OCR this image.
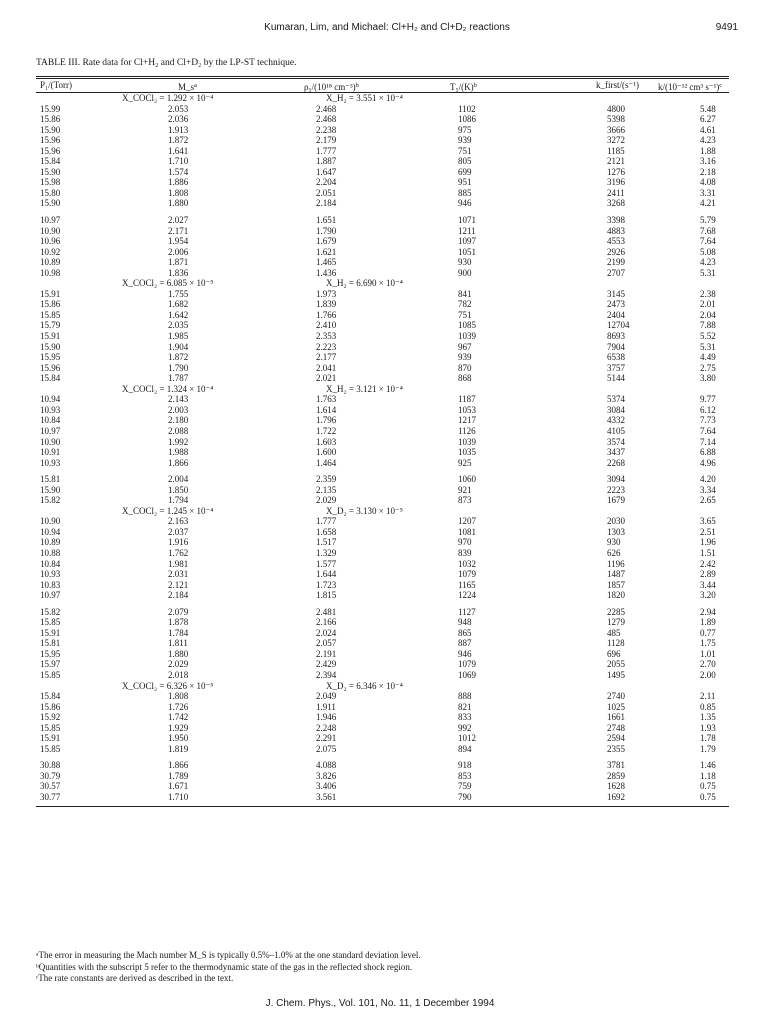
Kumaran, Lim, and Michael: Cl+H₂ and Cl+D₂ reactions	9491
TABLE III. Rate data for Cl+H₂ and Cl+D₂ by the LP-ST technique.
P₁/(Torr)	$M\_s^a$	ρ₅/(10¹⁸ cm⁻³)$^b$	$T_5/(K)^b$	k_first/(s⁻¹)	k/(10⁻¹² cm³ s⁻¹)$^c$
X_COCl₂ = 1.292 × 10⁻⁴	X_H₂ = 3.551 × 10⁻⁴
15.99	2.053	2.468	1102	4800	5.48
15.86	2.036	2.468	1086	5398	6.27
15.90	1.913	2.238	975	3666	4.61
15.96	1.872	2.179	939	3272	4.23
15.96	1.641	1.777	751	1185	1.88
15.84	1.710	1.887	805	2121	3.16
15.90	1.574	1.647	699	1276	2.18
15.98	1.886	2.204	951	3196	4.08
15.80	1.808	2.051	885	2411	3.31
15.90	1.880	2.184	946	3268	4.21
10.97	2.027	1.651	1071	3398	5.79
10.90	2.171	1.790	1211	4883	7.68
10.96	1.954	1.679	1097	4553	7.64
10.92	2.006	1.621	1051	2926	5.08
10.89	1.871	1.465	930	2199	4.23
10.98	1.836	1.436	900	2707	5.31
X_COCl₂ = 6.085 × 10⁻⁵	X_H₂ = 6.690 × 10⁻⁴
15.91	1.755	1.973	841	3145	2.38
15.86	1.682	1.839	782	2473	2.01
15.85	1.642	1.766	751	2404	2.04
15.79	2.035	2.410	1085	12704	7.88
15.91	1.985	2.353	1039	8693	5.52
15.90	1.904	2.223	967	7904	5.31
15.95	1.872	2.177	939	6538	4.49
15.96	1.790	2.041	870	3757	2.75
15.84	1.787	2.021	868	5144	3.80
X_COCl₂ = 1.324 × 10⁻⁴	X_H₂ = 3.121 × 10⁻⁴
10.94	2.143	1.763	1187	5374	9.77
10.93	2.003	1.614	1053	3084	6.12
10.84	2.180	1.796	1217	4332	7.73
10.97	2.088	1.722	1126	4105	7.64
10.90	1.992	1.603	1039	3574	7.14
10.91	1.988	1.600	1035	3437	6.88
10.93	1.866	1.464	925	2268	4.96
15.81	2.004	2.359	1060	3094	4.20
15.90	1.850	2.135	921	2223	3.34
15.82	1.794	2.029	873	1679	2.65
X_COCl₂ = 1.245 × 10⁻⁴	X_D₂ = 3.130 × 10⁻⁵
10.90	2.163	1.777	1207	2030	3.65
10.94	2.037	1.658	1081	1303	2.51
10.89	1.916	1.517	970	930	1.96
10.88	1.762	1.329	839	626	1.51
10.84	1.981	1.577	1032	1196	2.42
10.93	2.031	1.644	1079	1487	2.89
10.83	2.121	1.723	1165	1857	3.44
10.97	2.184	1.815	1224	1820	3.20
15.82	2.079	2.481	1127	2285	2.94
15.85	1.878	2.166	948	1279	1.89
15.91	1.784	2.024	865	485	0.77
15.81	1.811	2.057	887	1128	1.75
15.95	1.880	2.191	946	696	1.01
15.97	2.029	2.429	1079	2055	2.70
15.85	2.018	2.394	1069	1495	2.00
X_COCl₂ = 6.326 × 10⁻⁵	X_D₂ = 6.346 × 10⁻⁴
15.84	1.808	2.049	888	2740	2.11
15.86	1.726	1.911	821	1025	0.85
15.92	1.742	1.946	833	1661	1.35
15.85	1.929	2.248	992	2748	1.93
15.91	1.950	2.291	1012	2594	1.78
15.85	1.819	2.075	894	2355	1.79
30.88	1.866	4.088	918	3781	1.46
30.79	1.789	3.826	853	2859	1.18
30.57	1.671	3.406	759	1628	0.75
30.77	1.710	3.561	790	1692	0.75
ᵃThe error in measuring the Mach number M_S is typically 0.5%–1.0% at the one standard deviation level.
ᵇQuantities with the subscript 5 refer to the thermodynamic state of the gas in the reflected shock region.
ᶜThe rate constants are derived as described in the text.
J. Chem. Phys., Vol. 101, No. 11, 1 December 1994
